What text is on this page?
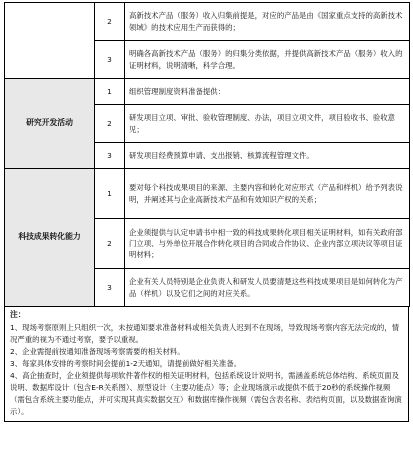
	2	高新技术产品（服务）收入归集前提是，对应的产品是由《国家重点支持的高新技术领域》的技术应用生产而获得的；
	3	明确各高新技术产品（服务）的归集分类依据，并提供高新技术产品（服务）收入的证明材料，说明清晰，科学合理。
研究开发活动	1	组织管理制度资料准备提供：
	2	研发项目立项、审批、验收管理制度、办法，项目立项文件，项目验收书、验收意见；
	3	研发项目经费预算申请、支出报销、核算流程管理文件。
科技成果转化能力	1	要对每个科技成果项目的来源、主要内容和转化对应形式（产品和样机）给予列表说明，并阐述其与企业高新技术产品和有效知识产权的关系；
	2	企业须提供与认定申请书中相一致的科技成果转化项目相关证明材料，如有关政府部门立项、与外单位开展合作转化项目的合同或合作协议、企业内部立项决议等项目证明材料；
	3	企业有关人员特别是企业负责人和研发人员要清楚这些科技成果项目是如何转化为产品（样机）以及它们之间的对应关系。
注：

1、现场考察原则上只组织一次，未按通知要求准备材料或相关负责人迟到不在现场，导致现场考察内容无法完成的，情况严重的视为不通过考察，要予以重视。

2、企业需提前按通知准备现场考察需要的相关材料。

3、每家具体安排的考察时间会提前1-2天通知，请提前做好相关准备。

4、高企抽查时，企业须提供每项软件著作权的相关证明材料，包括系统设计说明书，需涵盖系统总体结构、系统页面及说明、数据库设计（包含E-R关系图）、原型设计（主要功能点）等；企业现场演示或提供不低于20秒的系统操作视频（需包含系统主要功能点，并可实现其真实数据交互）和数据库操作视频（需包含表名称、表结构页面，以及数据查询演示）。
